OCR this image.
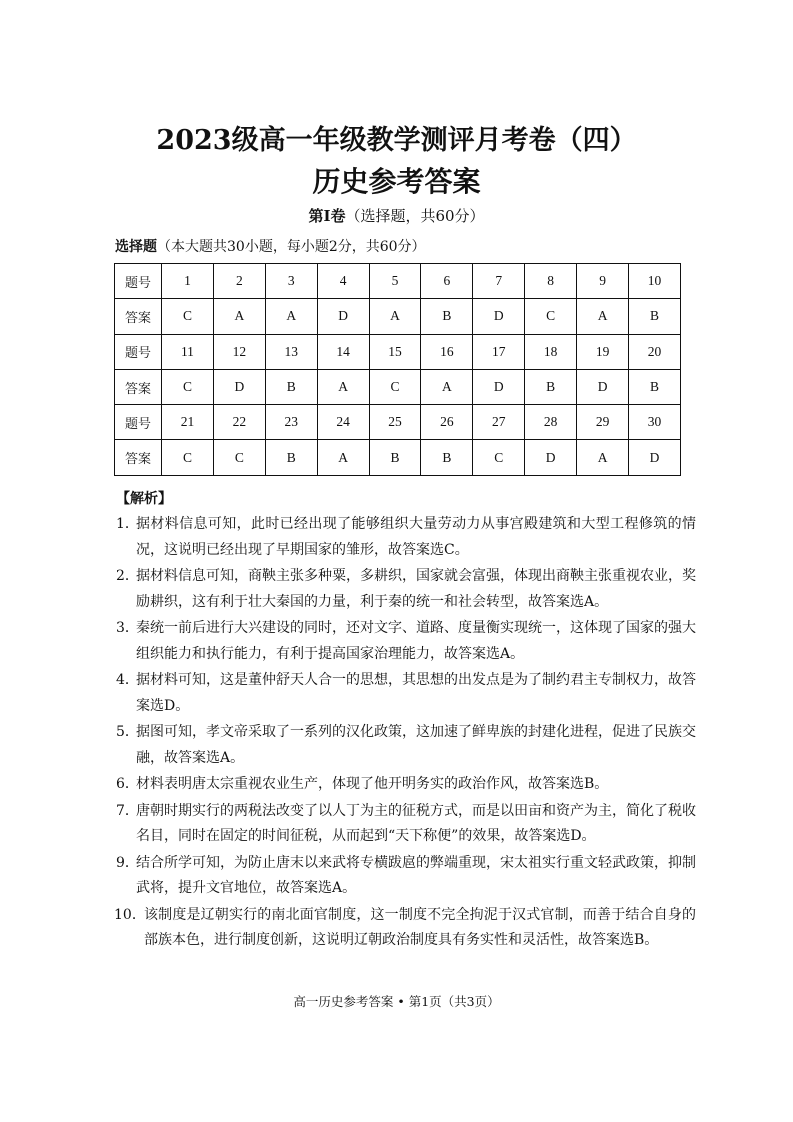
2023级高一年级教学测评月考卷（四）
历史参考答案
第Ⅰ卷（选择题，共60分）
选择题（本大题共30小题，每小题2分，共60分）
题号	1	2	3	4	5	6	7	8	9	10
答案	C	A	A	D	A	B	D	C	A	B
题号	11	12	13	14	15	16	17	18	19	20
答案	C	D	B	A	C	A	D	B	D	B
题号	21	22	23	24	25	26	27	28	29	30
答案	C	C	B	A	B	B	C	D	A	D
【解析】
1．
据材料信息可知，此时已经出现了能够组织大量劳动力从事宫殿建筑和大型工程修筑的情况，这说明已经出现了早期国家的雏形，故答案选C。
2．
据材料信息可知，商鞅主张多种粟，多耕织，国家就会富强，体现出商鞅主张重视农业，奖励耕织，这有利于壮大秦国的力量，利于秦的统一和社会转型，故答案选A。
3．
秦统一前后进行大兴建设的同时，还对文字、道路、度量衡实现统一，这体现了国家的强大组织能力和执行能力，有利于提高国家治理能力，故答案选A。
4．
据材料可知，这是董仲舒天人合一的思想，其思想的出发点是为了制约君主专制权力，故答案选D。
5．
据图可知，孝文帝采取了一系列的汉化政策，这加速了鲜卑族的封建化进程，促进了民族交融，故答案选A。
6．
材料表明唐太宗重视农业生产，体现了他开明务实的政治作风，故答案选B。
7．
唐朝时期实行的两税法改变了以人丁为主的征税方式，而是以田亩和资产为主，简化了税收名目，同时在固定的时间征税，从而起到“天下称便”的效果，故答案选D。
9．
结合所学可知，为防止唐末以来武将专横跋扈的弊端重现，宋太祖实行重文轻武政策，抑制武将，提升文官地位，故答案选A。
10．
该制度是辽朝实行的南北面官制度，这一制度不完全拘泥于汉式官制，而善于结合自身的部族本色，进行制度创新，这说明辽朝政治制度具有务实性和灵活性，故答案选B。
高一历史参考答案 • 第1页（共3页）
